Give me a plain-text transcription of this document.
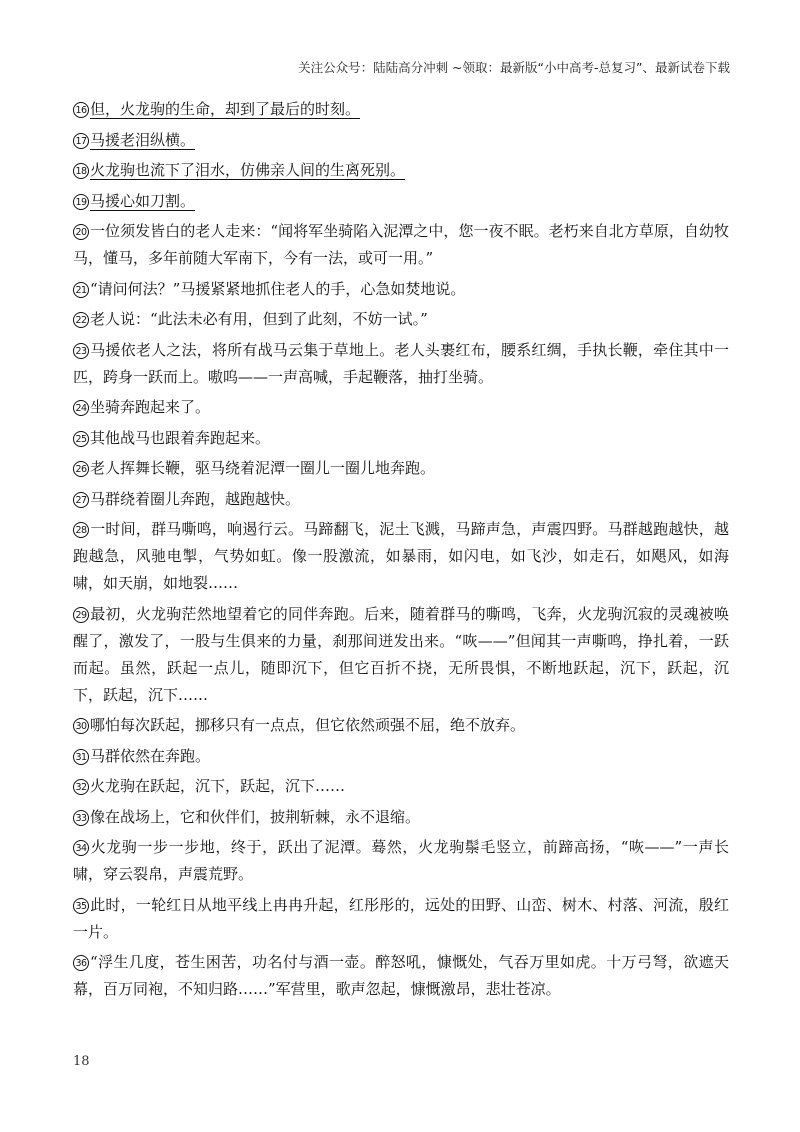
关注公众号：陆陆高分冲刺 ~领取：最新版“小中高考-总复习”、最新试卷下载

16 但，火龙驹的生命，却到了最后的时刻。

17 马援老泪纵横。

18 火龙驹也流下了泪水，仿佛亲人间的生离死别。

19 马援心如刀割。

20 一位须发皆白的老人走来：“闻将军坐骑陷入泥潭之中，您一夜不眠。老朽来自北方草原，自幼牧马，懂马，多年前随大军南下，今有一法，或可一用。”

21 “请问何法？”马援紧紧地抓住老人的手，心急如焚地说。

22 老人说：“此法未必有用，但到了此刻，不妨一试。”

23 马援依老人之法，将所有战马云集于草地上。老人头裹红布，腰系红绸，手执长鞭，牵住其中一匹，跨身一跃而上。嗷呜——一声高喊，手起鞭落，抽打坐骑。

24 坐骑奔跑起来了。

25 其他战马也跟着奔跑起来。

26 老人挥舞长鞭，驱马绕着泥潭一圈儿一圈儿地奔跑。

27 马群绕着圈儿奔跑，越跑越快。

28 一时间，群马嘶鸣，响遏行云。马蹄翻飞，泥土飞溅，马蹄声急，声震四野。马群越跑越快，越跑越急，风驰电掣，气势如虹。像一股激流，如暴雨，如闪电，如飞沙，如走石，如飓风，如海啸，如天崩，如地裂……

29 最初，火龙驹茫然地望着它的同伴奔跑。后来，随着群马的嘶鸣，飞奔，火龙驹沉寂的灵魂被唤醒了，激发了，一股与生俱来的力量，刹那间迸发出来。“咴——”但闻其一声嘶鸣，挣扎着，一跃而起。虽然，跃起一点儿，随即沉下，但它百折不挠，无所畏惧，不断地跃起，沉下，跃起，沉下，跃起，沉下……

30 哪怕每次跃起，挪移只有一点点，但它依然顽强不屈，绝不放弃。

31 马群依然在奔跑。

32 火龙驹在跃起，沉下，跃起，沉下……

33 像在战场上，它和伙伴们，披荆斩棘，永不退缩。

34 火龙驹一步一步地，终于，跃出了泥潭。蓦然，火龙驹鬃毛竖立，前蹄高扬，“咴——”一声长啸，穿云裂帛，声震荒野。

35 此时，一轮红日从地平线上冉冉升起，红彤彤的，远处的田野、山峦、树木、村落、河流，殷红一片。

36 “浮生几度，苍生困苦，功名付与酒一壶。醉怒吼，慷慨处，气吞万里如虎。十万弓弩，欲遮天幕，百万同袍，不知归路……”军营里，歌声忽起，慷慨激昂，悲壮苍凉。

18
